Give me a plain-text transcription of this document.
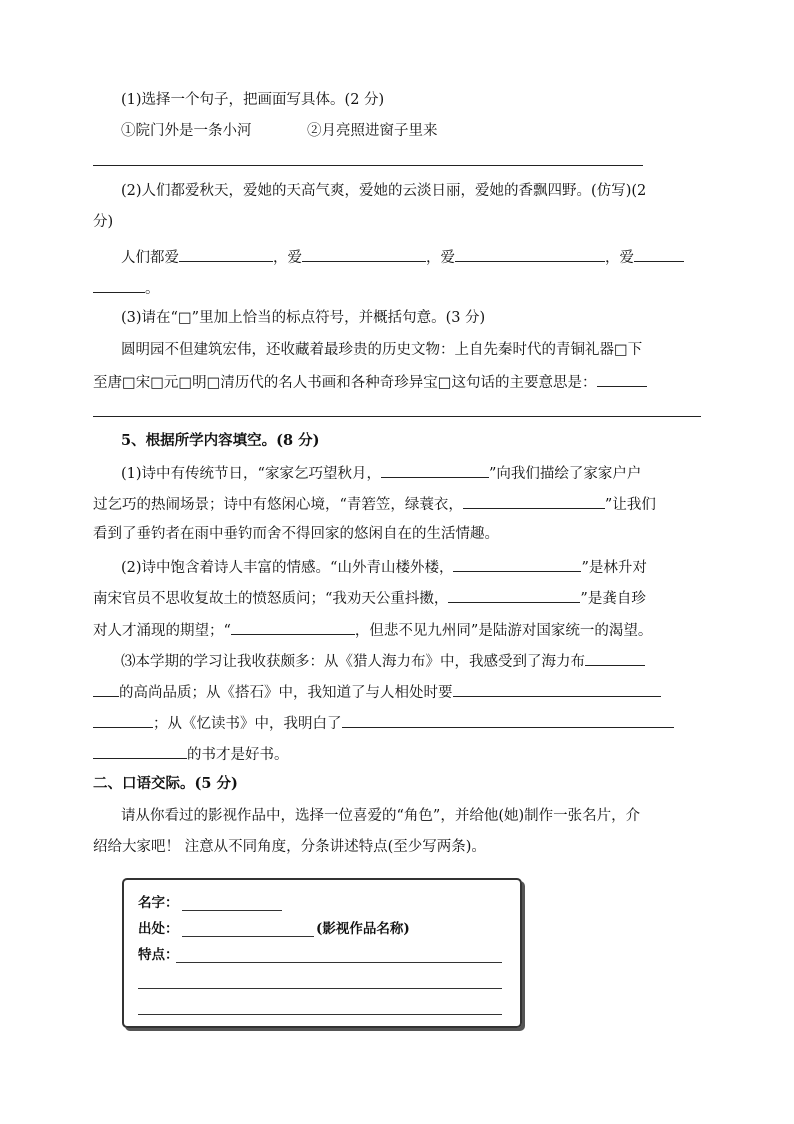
(1)选择一个句子，把画面写具体。(2 分)
①院门外是一条小河	②月亮照进窗子里来
(2)人们都爱秋天，爱她的天高气爽，爱她的云淡日丽，爱她的香飘四野。(仿写)(2
分)
人们都爱	，爱	，爱	，爱
。
(3)请在“□”里加上恰当的标点符号，并概括句意。(3 分)
圆明园不但建筑宏伟，还收藏着最珍贵的历史文物：上自先秦时代的青铜礼器□下
至唐□宋□元□明□清历代的名人书画和各种奇珍异宝□这句话的主要意思是：
5、根据所学内容填空。(8 分)
(1)诗中有传统节日，“家家乞巧望秋月，	”向我们描绘了家家户户
过乞巧的热闹场景；诗中有悠闲心境，“青箬笠，绿蓑衣，	”让我们
看到了垂钓者在雨中垂钓而舍不得回家的悠闲自在的生活情趣。
(2)诗中饱含着诗人丰富的情感。“山外青山楼外楼，	”是林升对
南宋官员不思收复故土的愤怒质问；“我劝天公重抖擞，	”是龚自珍
对人才涌现的期望；“	，但悲不见九州同”是陆游对国家统一的渴望。
⑶本学期的学习让我收获颇多：从《猎人海力布》中，我感受到了海力布
的高尚品质；从《搭石》中，我知道了与人相处时要
；从《忆读书》中，我明白了
的书才是好书。
二、口语交际。(5 分)
请从你看过的影视作品中，选择一位喜爱的“角色”，并给他(她)制作一张名片，介
绍给大家吧！ 注意从不同角度，分条讲述特点(至少写两条)。
名字：
出处：	(影视作品名称)
特点：
